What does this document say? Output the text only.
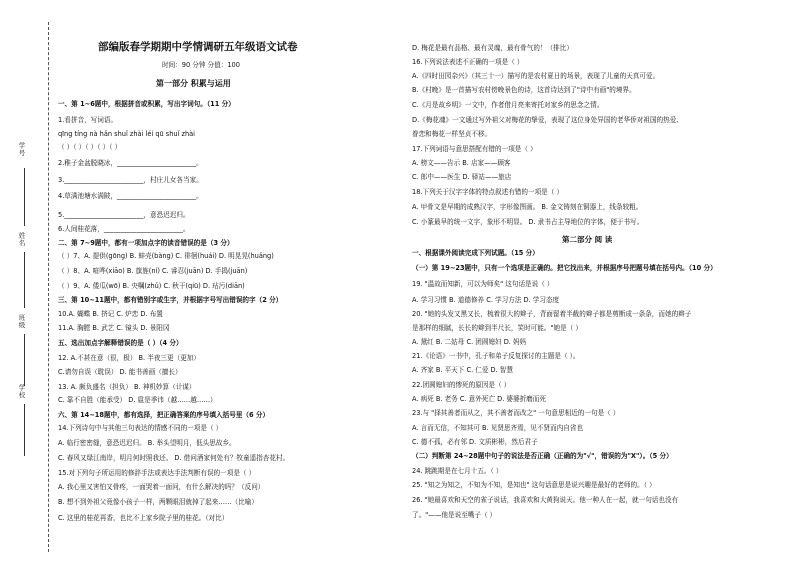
学号
姓名
班级
学校
部编版春学期期中学情调研五年级语文试卷
时间：90 分钟 分值：100
第一部分 积累与运用
一、第 1~6题中，根据拼音或积累，写出字词句。（11 分）
1.看拼音，写词语。
qīng tíng nà hǎn shuǐ zhài léi qū shuǐ zhài
（ ）（ ）（ ）（ ）（ ）
2.稚子金盆脱晓冰，________________________。
3.________________________，村庄儿女各当家。
4.草满池塘水满陂，________________________。
5.________________________，意恐迟迟归。
6.人间桂花落，________________________。
二、第 7~9题中，都有一项加点字的读音错误的是（3 分）
（ ）7、A. 提供(gōng) B. 蚌壳(bàng) C. 徘徊(huái) D. 明晃晃(huǎng)
（ ）8、A. 喧哗(xiāo) B. 旗旌(ní) C. 睿忍(juān) D. 手捣(juān)
（ ）9、A. 倭瓜(wō) B. 央嘱(zhǔ) C. 秋干(qiū) D. 玷污(diān)
三、第 10~11题中，都有错别字或生字，并根据字号写出错误的字（2 分）
10.A. 蝴蝶 B. 挤记 C. 炉恋 D. 布置
11.A. 胸膛 B. 武艺 C. 镜头 D. 景阳冈
五、选出加点字解释错误的是（ ）（4 分）
12. A.不甚在意（很，极） B. 半夜三更（更加）
C.请勿自误（耽误） D. 能书善画（擅长）
13. A. 颇负盛名（担负） B. 神机妙算（计谋）
C. 靠不自胜（能承受） D. 扈是季讳（越……越……）
六、第 14~18题中，都有选择，把正确答案的序号填入括号里（6 分）
14.下列诗句中与其他三句表达的情感不同的一项是（ ）
A. 临行密密缝，意恐迟迟归。 B. 举头望明月，低头思故乡。
C. 春风又绿江南岸，明月何时照我还。 D. 借问酒家何处有？牧童遥指杏花村。
15.对下列句子所运用的修辞手法或表达手法判断有误的一项是（ ）
A. 我心里又害怕又骨疼，一面哭着一面问，有什么解决的吗？（反问）
B. 想不到外祖父竟像小孩子一样，两颗眼泪就掉了起来……（比喻）
C. 这里的桂花再香，也比不上家乡院子里的桂花。（对比）
D. 梅花是最有品格、最有灵魂，最有骨气的！（排比）
16.下列说法表述不正确的一项是（ ）
A.《四时田园杂兴》（其三十一）描写的是农村夏日的场景，表现了儿童的天真可爱。
B.《村晚》是一首描写农村傍晚景色的诗，这首诗达到了"诗中有画"的境界。
C.《月是故乡明》一文中，作者借月亮来寄托对家乡的思念之情。
D.《梅花魂》一文通过写外祖父对梅花的挚爱，表现了这位身处异国的老华侨对祖国的热爱、
眷恋和梅花一样坚贞不移。
17.下列词语与意思搭配有错的一项是（ ）
A. 榜文——告示 B. 店家——顾客
C. 郎中——医生 D. 驿站——旅店
18.下列关于汉字字体的特点叙述有错的一项是（ ）
A. 甲骨文是早期的成熟汉字，字形像图画。 B. 金文铸刻在铜器上，线条较粗。
C. 小篆最早的统一文字，象形不明显。 D. 隶书占主导地位的字体，便于书写。
第二部分 阅 读
一、根据课外阅读完成下列试题。（15 分）
（一）第 19~23题中，只有一个选项是正确的。把它找出来，并根据序号把题号填在括号内。（10 分）
19. "温故而知新，可以为师矣" 这句话是说（ ）
A. 学习习惯 B. 道德修养 C. 学习方法 D. 学习态度
20. "她的头发又黑又长，梳着很大的辫子，背面留着半截的辫子都是剪断成一条条，而她的辫子
是那样的细腻，长长的辫到半尺长，笑时可能。"她是（ ）
A. 黛红 B. 二姑母 C. 团圆媳妇 D. 妈妈
21.《论语》一书中，孔子和弟子反复探讨的主题是（ ）。
A. 齐家 B. 平天下 C. 仁爱 D. 智慧
22.团圆媳妇的惨死的原因是（ ）
A. 病死 B. 老务 C. 意外死亡 D. 婆婆折磨而死
23.与 "择其善者而从之，其不善者而改之" 一句意思相近的一句是（ ）
A. 言而无信，不知其可 B. 见贤思齐焉，见不贤而内自省也
C. 德不孤，必有邻 D. 文质彬彬，然后君子
（二）判断第 24~28题中句子的说法是否正确（正确的为"√"，错误的为"X"）。（5 分）
24. 跳跳期是在七月十五。（ ）
25. "知之为知之，不知为不知，是知也" 这句话意思是说兴趣是最好的老师的。（ ）
26. "她最喜欢和天空的雀子说话，我喜欢和大黄狗说天。他一种人在一起，就一句话也没有
了。"——他是说至嘴子（ ）
